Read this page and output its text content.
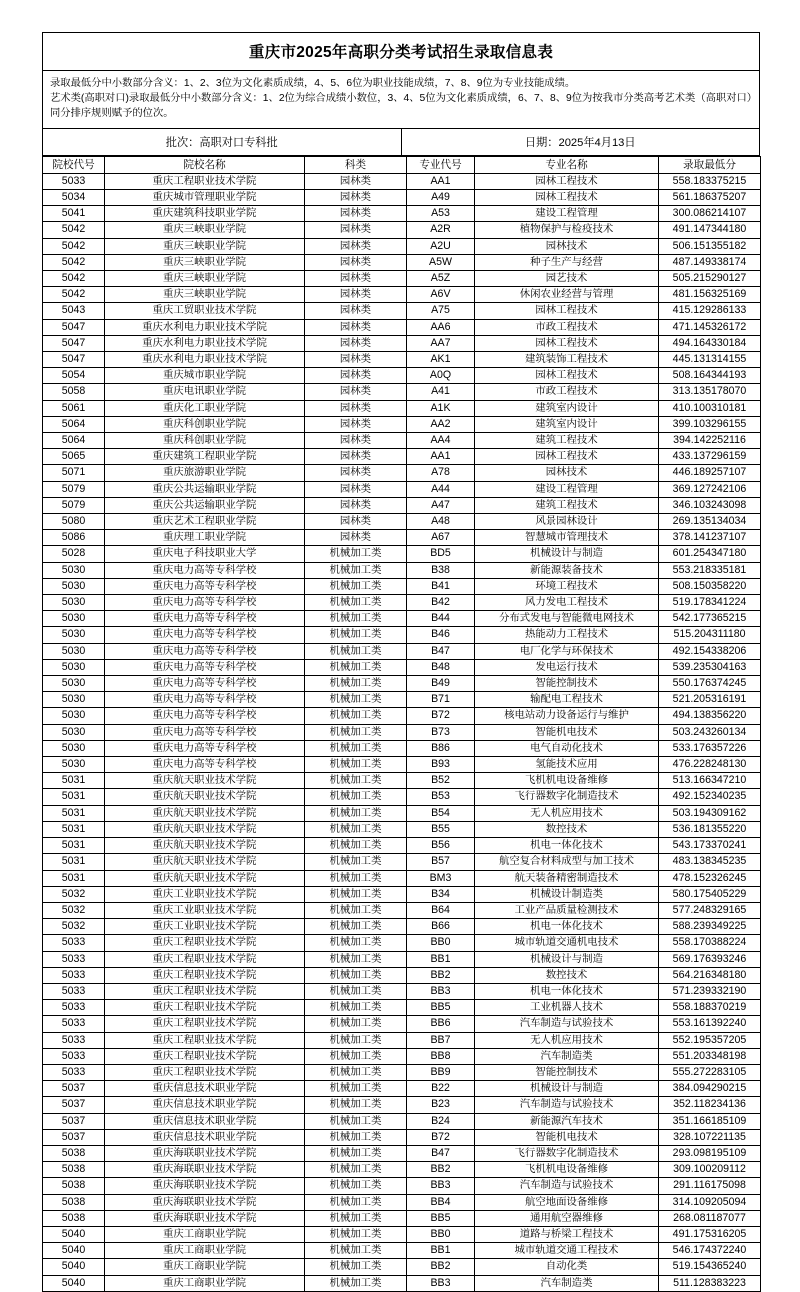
重庆市2025年高职分类考试招生录取信息表

录取最低分中小数部分含义：1、2、3位为文化素质成绩，4、5、6位为职业技能成绩，7、8、9位为专业技能成绩。

艺术类(高职对口)录取最低分中小数部分含义：1、2位为综合成绩小数位，3、4、5位为文化素质成绩，6、7、8、9位为按我市分类高考艺术类（高职对口）同分排序规则赋予的位次。

批次：高职对口专科批	日期：2025年4月13日
院校代号	院校名称	科类	专业代号	专业名称	录取最低分
5033	重庆工程职业技术学院	园林类	AA1	园林工程技术	558.183375215
5034	重庆城市管理职业学院	园林类	A49	园林工程技术	561.186375207
5041	重庆建筑科技职业学院	园林类	A53	建设工程管理	300.086214107
5042	重庆三峡职业学院	园林类	A2R	植物保护与检疫技术	491.147344180
5042	重庆三峡职业学院	园林类	A2U	园林技术	506.151355182
5042	重庆三峡职业学院	园林类	A5W	种子生产与经营	487.149338174
5042	重庆三峡职业学院	园林类	A5Z	园艺技术	505.215290127
5042	重庆三峡职业学院	园林类	A6V	休闲农业经营与管理	481.156325169
5043	重庆工贸职业技术学院	园林类	A75	园林工程技术	415.129286133
5047	重庆水利电力职业技术学院	园林类	AA6	市政工程技术	471.145326172
5047	重庆水利电力职业技术学院	园林类	AA7	园林工程技术	494.164330184
5047	重庆水利电力职业技术学院	园林类	AK1	建筑装饰工程技术	445.131314155
5054	重庆城市职业学院	园林类	A0Q	园林工程技术	508.164344193
5058	重庆电讯职业学院	园林类	A41	市政工程技术	313.135178070
5061	重庆化工职业学院	园林类	A1K	建筑室内设计	410.100310181
5064	重庆科创职业学院	园林类	AA2	建筑室内设计	399.103296155
5064	重庆科创职业学院	园林类	AA4	建筑工程技术	394.142252116
5065	重庆建筑工程职业学院	园林类	AA1	园林工程技术	433.137296159
5071	重庆旅游职业学院	园林类	A78	园林技术	446.189257107
5079	重庆公共运输职业学院	园林类	A44	建设工程管理	369.127242106
5079	重庆公共运输职业学院	园林类	A47	建筑工程技术	346.103243098
5080	重庆艺术工程职业学院	园林类	A48	风景园林设计	269.135134034
5086	重庆理工职业学院	园林类	A67	智慧城市管理技术	378.141237107
5028	重庆电子科技职业大学	机械加工类	BD5	机械设计与制造	601.254347180
5030	重庆电力高等专科学校	机械加工类	B38	新能源装备技术	553.218335181
5030	重庆电力高等专科学校	机械加工类	B41	环境工程技术	508.150358220
5030	重庆电力高等专科学校	机械加工类	B42	风力发电工程技术	519.178341224
5030	重庆电力高等专科学校	机械加工类	B44	分布式发电与智能微电网技术	542.177365215
5030	重庆电力高等专科学校	机械加工类	B46	热能动力工程技术	515.204311180
5030	重庆电力高等专科学校	机械加工类	B47	电厂化学与环保技术	492.154338206
5030	重庆电力高等专科学校	机械加工类	B48	发电运行技术	539.235304163
5030	重庆电力高等专科学校	机械加工类	B49	智能控制技术	550.176374245
5030	重庆电力高等专科学校	机械加工类	B71	输配电工程技术	521.205316191
5030	重庆电力高等专科学校	机械加工类	B72	核电站动力设备运行与维护	494.138356220
5030	重庆电力高等专科学校	机械加工类	B73	智能机电技术	503.243260134
5030	重庆电力高等专科学校	机械加工类	B86	电气自动化技术	533.176357226
5030	重庆电力高等专科学校	机械加工类	B93	氢能技术应用	476.228248130
5031	重庆航天职业技术学院	机械加工类	B52	飞机机电设备维修	513.166347210
5031	重庆航天职业技术学院	机械加工类	B53	飞行器数字化制造技术	492.152340235
5031	重庆航天职业技术学院	机械加工类	B54	无人机应用技术	503.194309162
5031	重庆航天职业技术学院	机械加工类	B55	数控技术	536.181355220
5031	重庆航天职业技术学院	机械加工类	B56	机电一体化技术	543.173370241
5031	重庆航天职业技术学院	机械加工类	B57	航空复合材料成型与加工技术	483.138345235
5031	重庆航天职业技术学院	机械加工类	BM3	航天装备精密制造技术	478.152326245
5032	重庆工业职业技术学院	机械加工类	B34	机械设计制造类	580.175405229
5032	重庆工业职业技术学院	机械加工类	B64	工业产品质量检测技术	577.248329165
5032	重庆工业职业技术学院	机械加工类	B66	机电一体化技术	588.239349225
5033	重庆工程职业技术学院	机械加工类	BB0	城市轨道交通机电技术	558.170388224
5033	重庆工程职业技术学院	机械加工类	BB1	机械设计与制造	569.176393246
5033	重庆工程职业技术学院	机械加工类	BB2	数控技术	564.216348180
5033	重庆工程职业技术学院	机械加工类	BB3	机电一体化技术	571.239332190
5033	重庆工程职业技术学院	机械加工类	BB5	工业机器人技术	558.188370219
5033	重庆工程职业技术学院	机械加工类	BB6	汽车制造与试验技术	553.161392240
5033	重庆工程职业技术学院	机械加工类	BB7	无人机应用技术	552.195357205
5033	重庆工程职业技术学院	机械加工类	BB8	汽车制造类	551.203348198
5033	重庆工程职业技术学院	机械加工类	BB9	智能控制技术	555.272283105
5037	重庆信息技术职业学院	机械加工类	B22	机械设计与制造	384.094290215
5037	重庆信息技术职业学院	机械加工类	B23	汽车制造与试验技术	352.118234136
5037	重庆信息技术职业学院	机械加工类	B24	新能源汽车技术	351.166185109
5037	重庆信息技术职业学院	机械加工类	B72	智能机电技术	328.107221135
5038	重庆海联职业技术学院	机械加工类	B47	飞行器数字化制造技术	293.098195109
5038	重庆海联职业技术学院	机械加工类	BB2	飞机机电设备维修	309.100209112
5038	重庆海联职业技术学院	机械加工类	BB3	汽车制造与试验技术	291.116175098
5038	重庆海联职业技术学院	机械加工类	BB4	航空地面设备维修	314.109205094
5038	重庆海联职业技术学院	机械加工类	BB5	通用航空器维修	268.081187077
5040	重庆工商职业学院	机械加工类	BB0	道路与桥梁工程技术	491.175316205
5040	重庆工商职业学院	机械加工类	BB1	城市轨道交通工程技术	546.174372240
5040	重庆工商职业学院	机械加工类	BB2	自动化类	519.154365240
5040	重庆工商职业学院	机械加工类	BB3	汽车制造类	511.128383223
